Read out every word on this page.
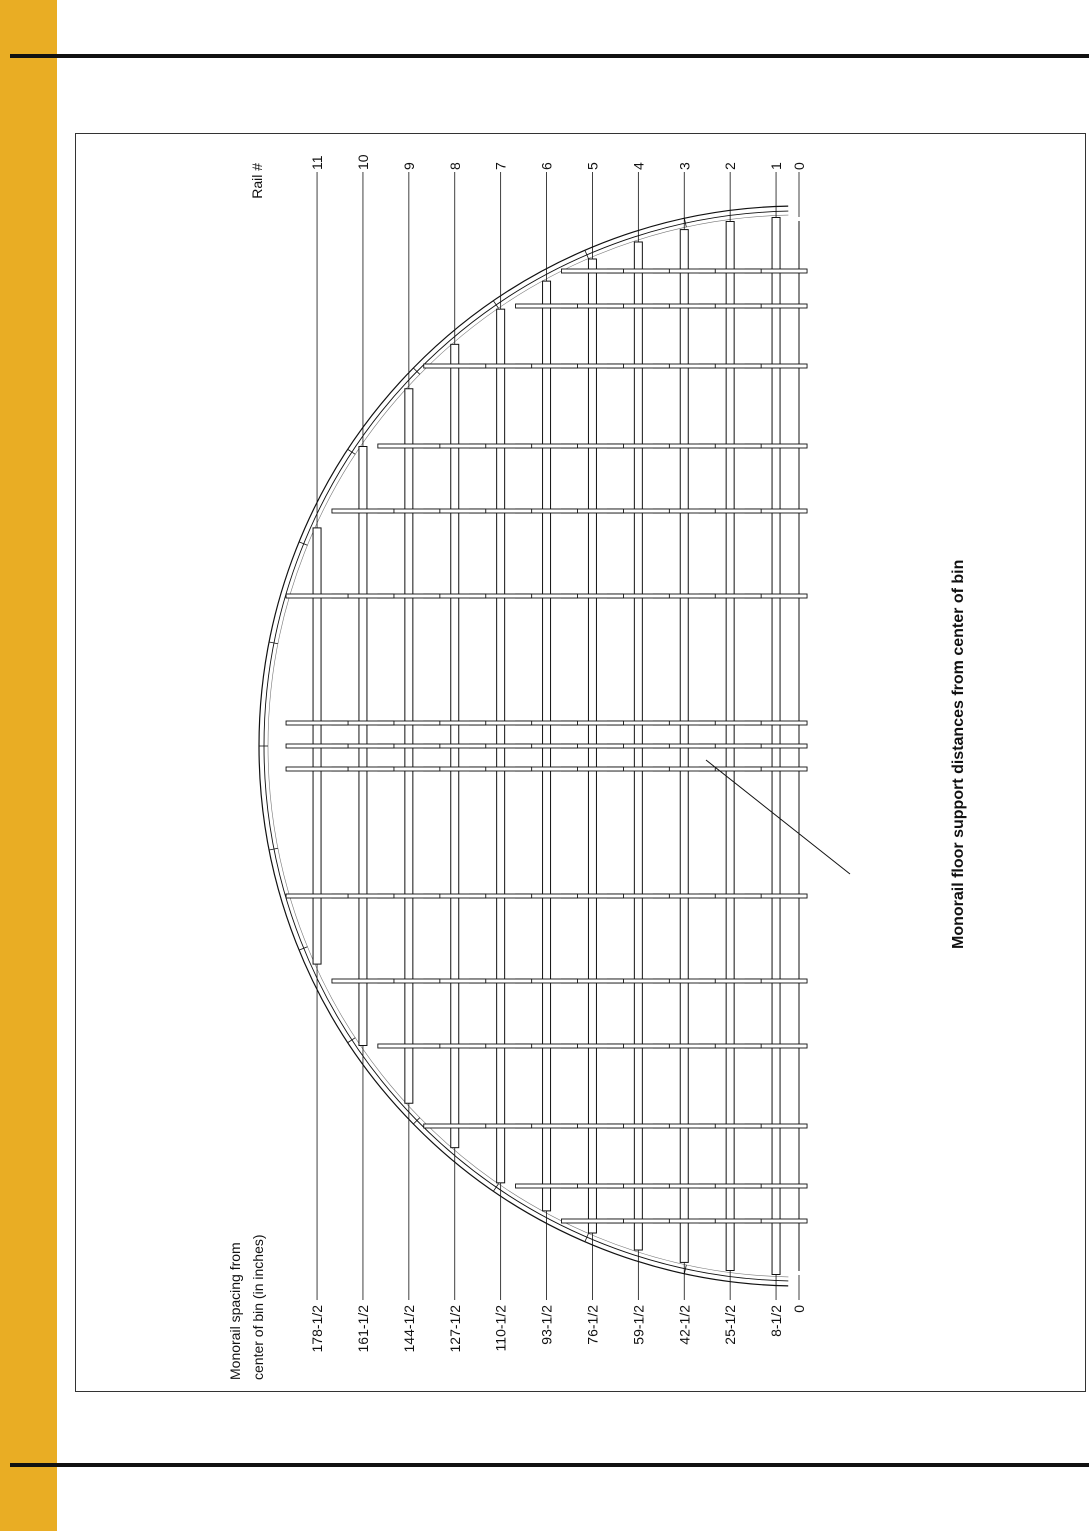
0
0
1
8-1/2
2
25-1/2
3
42-1/2
4
59-1/2
5
76-1/2
6
93-1/2
7
110-1/2
8
127-1/2
9
144-1/2
10
161-1/2
11
178-1/2
Rail #
Monorail spacing from center of bin (in inches)
Monorail floor support distances from center of bin
